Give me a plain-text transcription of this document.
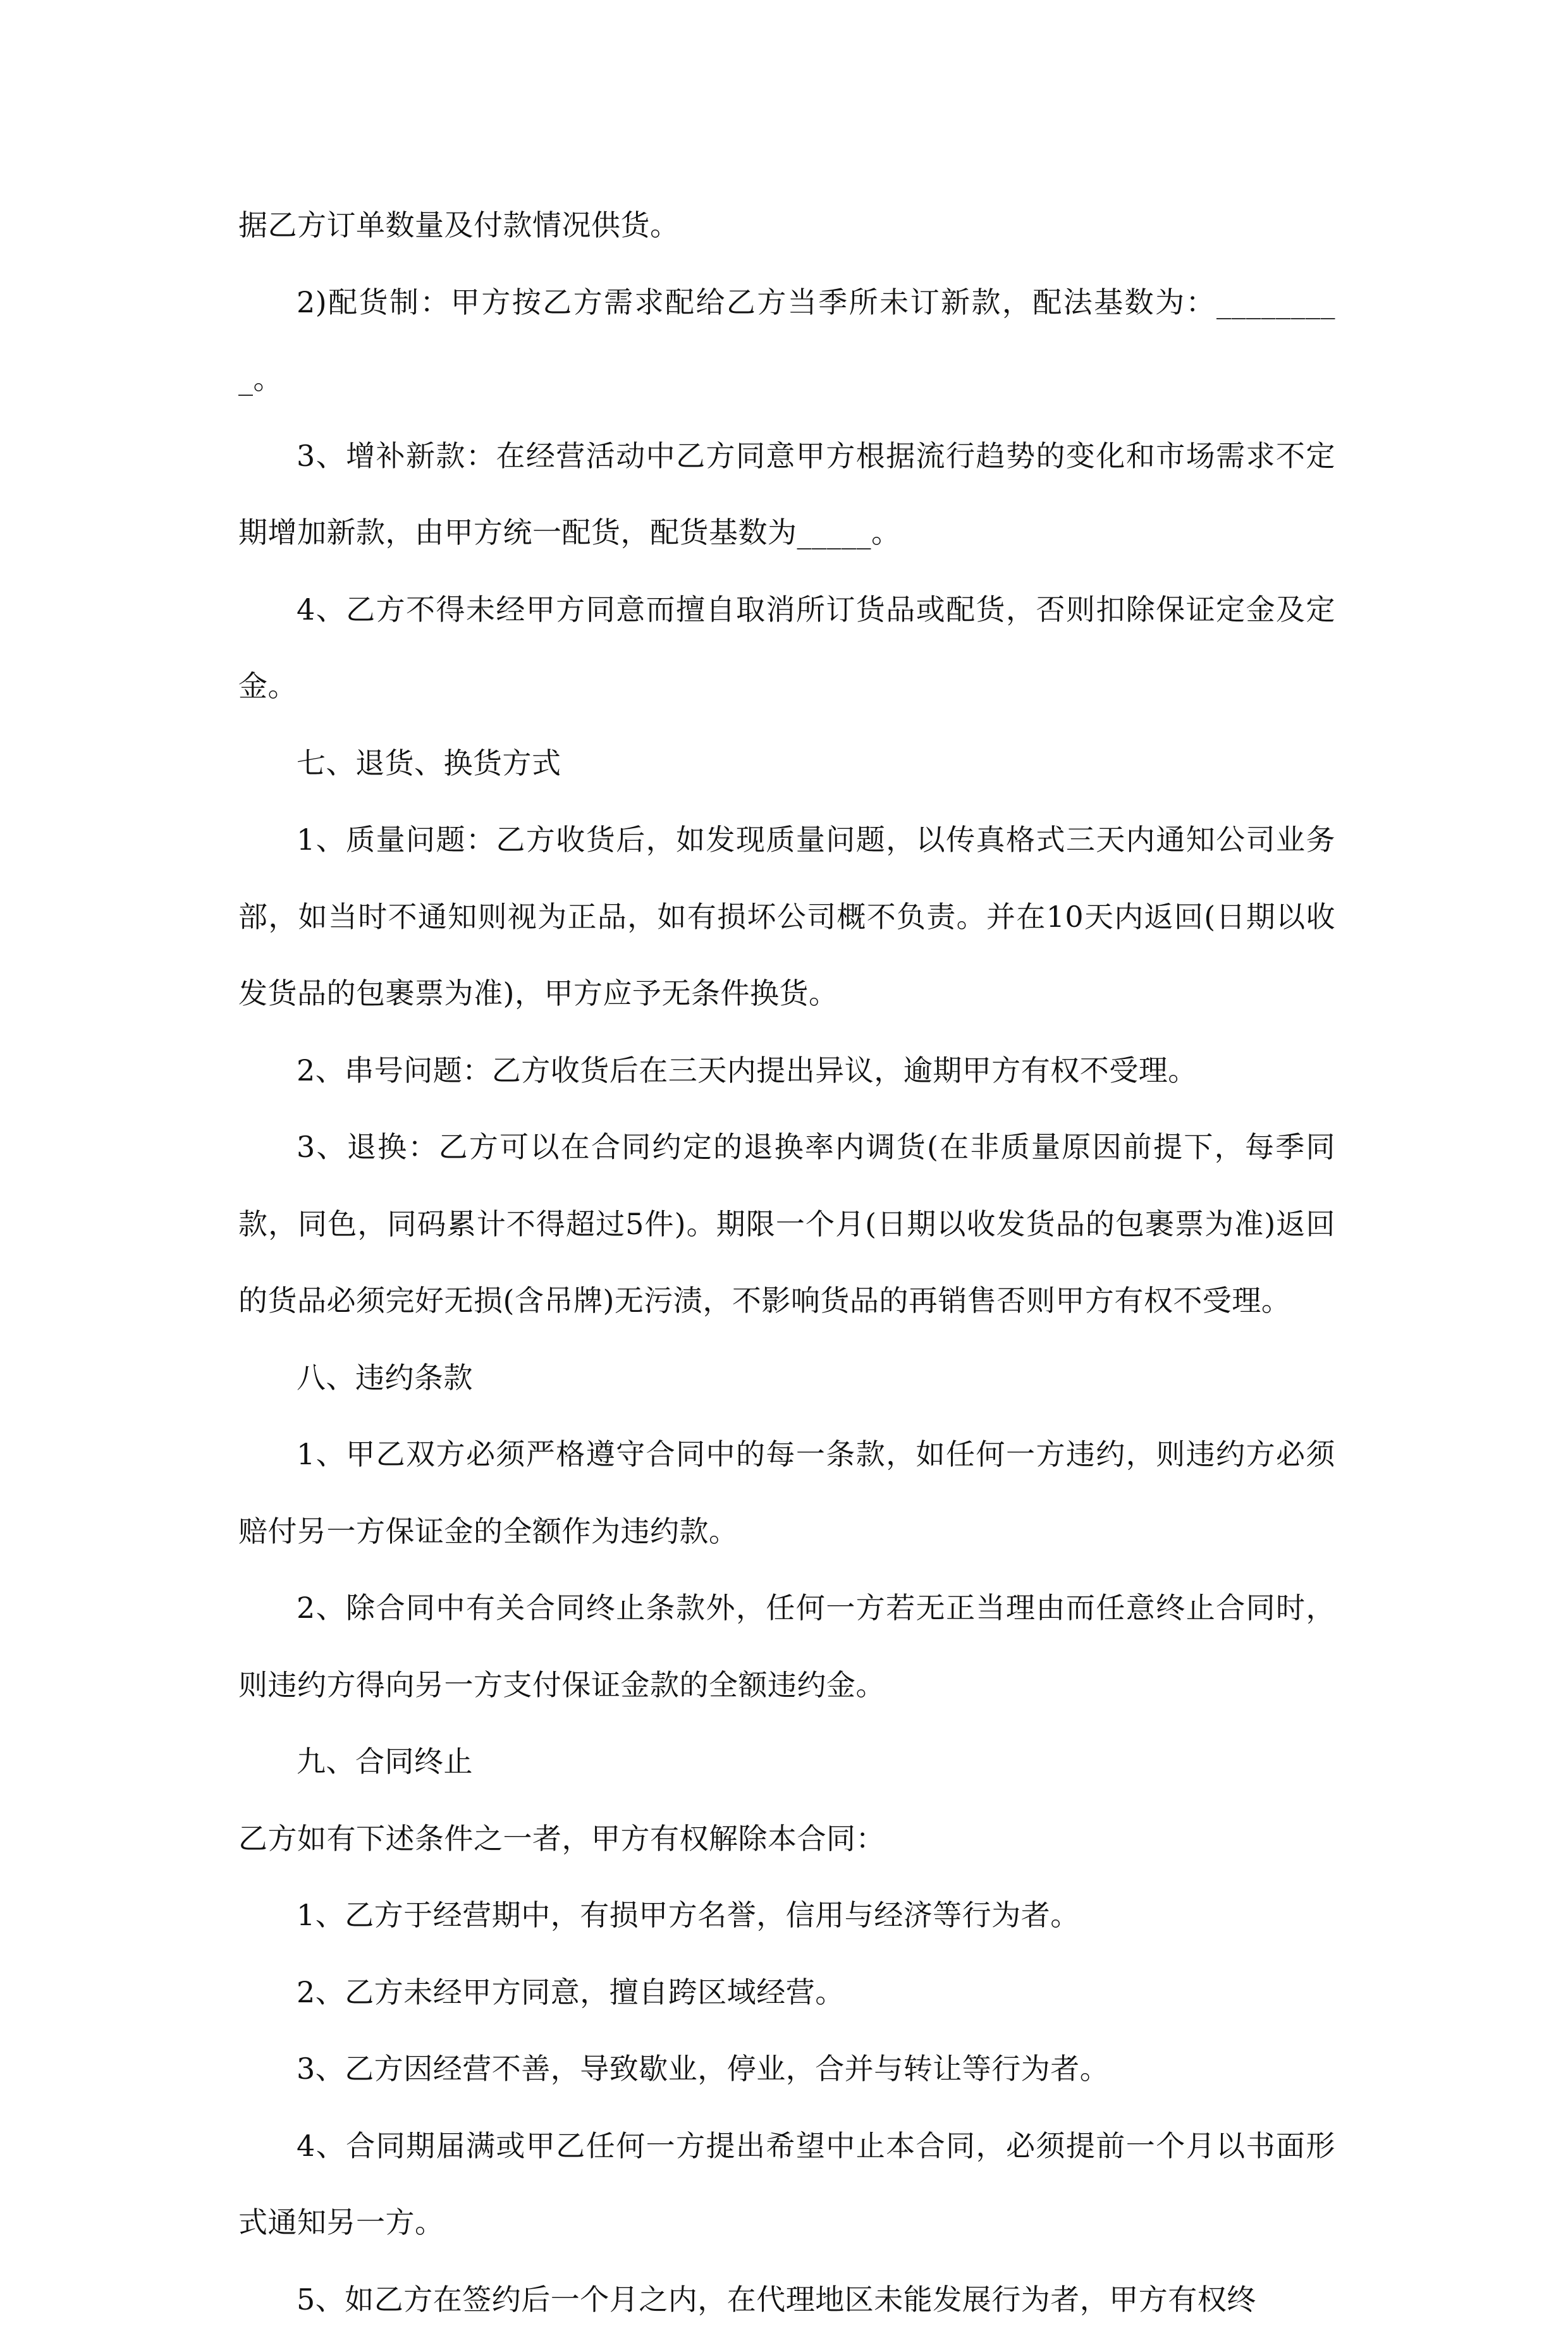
据乙方订单数量及付款情况供货。

2)配货制：甲方按乙方需求配给乙方当季所未订新款，配法基数为：_________。

3、增补新款：在经营活动中乙方同意甲方根据流行趋势的变化和市场需求不定期增加新款，由甲方统一配货，配货基数为_____。

4、乙方不得未经甲方同意而擅自取消所订货品或配货，否则扣除保证定金及定金。

七、退货、换货方式

1、质量问题：乙方收货后，如发现质量问题，以传真格式三天内通知公司业务部，如当时不通知则视为正品，如有损坏公司概不负责。并在10天内返回(日期以收发货品的包裹票为准)，甲方应予无条件换货。

2、串号问题：乙方收货后在三天内提出异议，逾期甲方有权不受理。

3、退换：乙方可以在合同约定的退换率内调货(在非质量原因前提下，每季同款，同色，同码累计不得超过5件)。期限一个月(日期以收发货品的包裹票为准)返回的货品必须完好无损(含吊牌)无污渍，不影响货品的再销售否则甲方有权不受理。

八、违约条款

1、甲乙双方必须严格遵守合同中的每一条款，如任何一方违约，则违约方必须赔付另一方保证金的全额作为违约款。

2、除合同中有关合同终止条款外，任何一方若无正当理由而任意终止合同时，则违约方得向另一方支付保证金款的全额违约金。

九、合同终止

乙方如有下述条件之一者，甲方有权解除本合同：

1、乙方于经营期中，有损甲方名誉，信用与经济等行为者。

2、乙方未经甲方同意，擅自跨区域经营。

3、乙方因经营不善，导致歇业，停业，合并与转让等行为者。

4、合同期届满或甲乙任何一方提出希望中止本合同，必须提前一个月以书面形式通知另一方。

5、如乙方在签约后一个月之内，在代理地区未能发展行为者，甲方有权终
